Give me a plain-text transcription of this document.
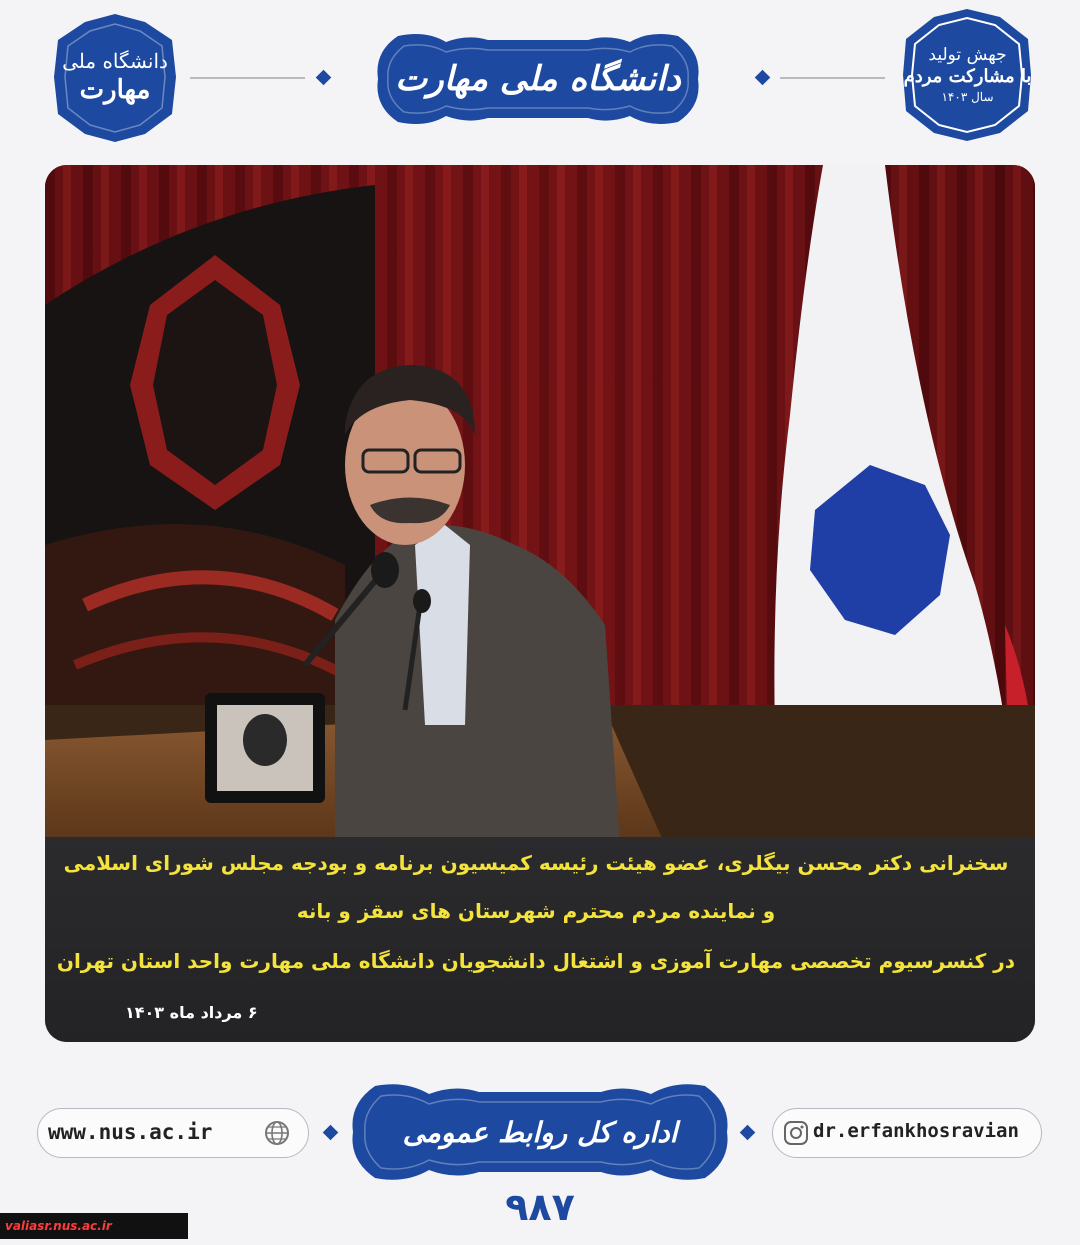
دانشگاه ملی
مهارت	دانشگاه ملی مهارت
جهش تولید
با مشارکت مردم
سال ۱۴۰۳
سخنرانی دکتر محسن بیگلری، عضو هیئت رئیسه کمیسیون برنامه و بودجه مجلس شورای اسلامی
و نماینده مردم محترم شهرستان های سقز و بانه
در کنسرسیوم تخصصی مهارت آموزی و اشتغال دانشجویان دانشگاه ملی مهارت واحد استان تهران
۶ مرداد ماه ۱۴۰۳
www.nus.ac.ir	اداره کل روابط عمومی	dr.erfankhosravian
۹۸۷
valiasr.nus.ac.ir
